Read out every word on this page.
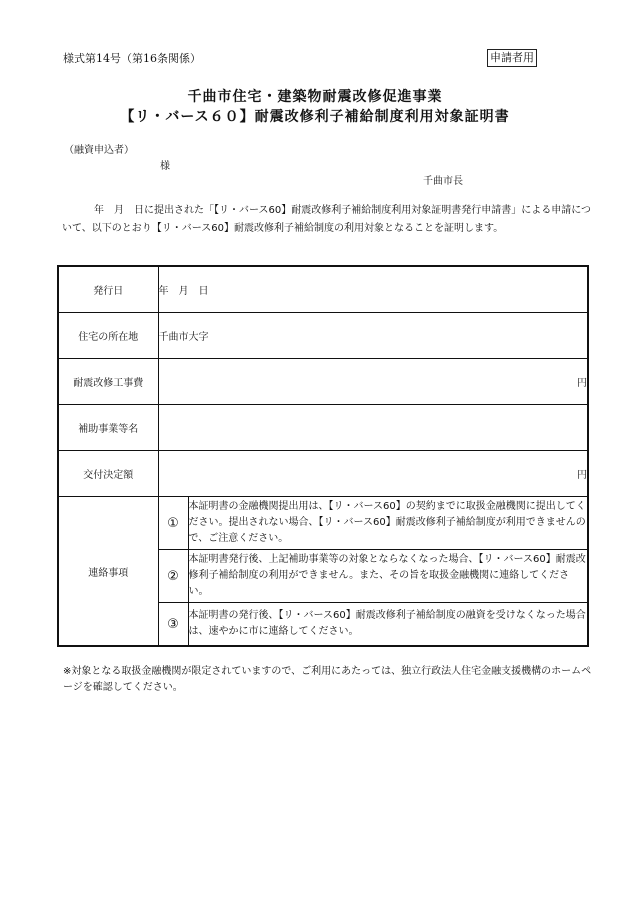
様式第14号（第16条関係）	申請者用
千曲市住宅・建築物耐震改修促進事業
【リ・バース６０】耐震改修利子補給制度利用対象証明書
（融資申込者）
様
千曲市長
年　月　日に提出された「【リ・バース60】耐震改修利子補給制度利用対象証明書発行申請書」による申請について、以下のとおり【リ・バース60】耐震改修利子補給制度の利用対象となることを証明します。
発行日	年　月　日	
住宅の所在地	千曲市大字	
耐震改修工事費	円	
補助事業等名		
交付決定額	円	
連絡事項	①	本証明書の金融機関提出用は、【リ・バース60】の契約までに取扱金融機関に提出してください。提出されない場合、【リ・バース60】耐震改修利子補給制度が利用できませんので、ご注意ください。
	②	本証明書発行後、上記補助事業等の対象とならなくなった場合、【リ・バース60】耐震改修利子補給制度の利用ができません。また、その旨を取扱金融機関に連絡してください。
	③	本証明書の発行後、【リ・バース60】耐震改修利子補給制度の融資を受けなくなった場合は、速やかに市に連絡してください。
※対象となる取扱金融機関が限定されていますので、ご利用にあたっては、独立行政法人住宅金融支援機構のホームページを確認してください。
